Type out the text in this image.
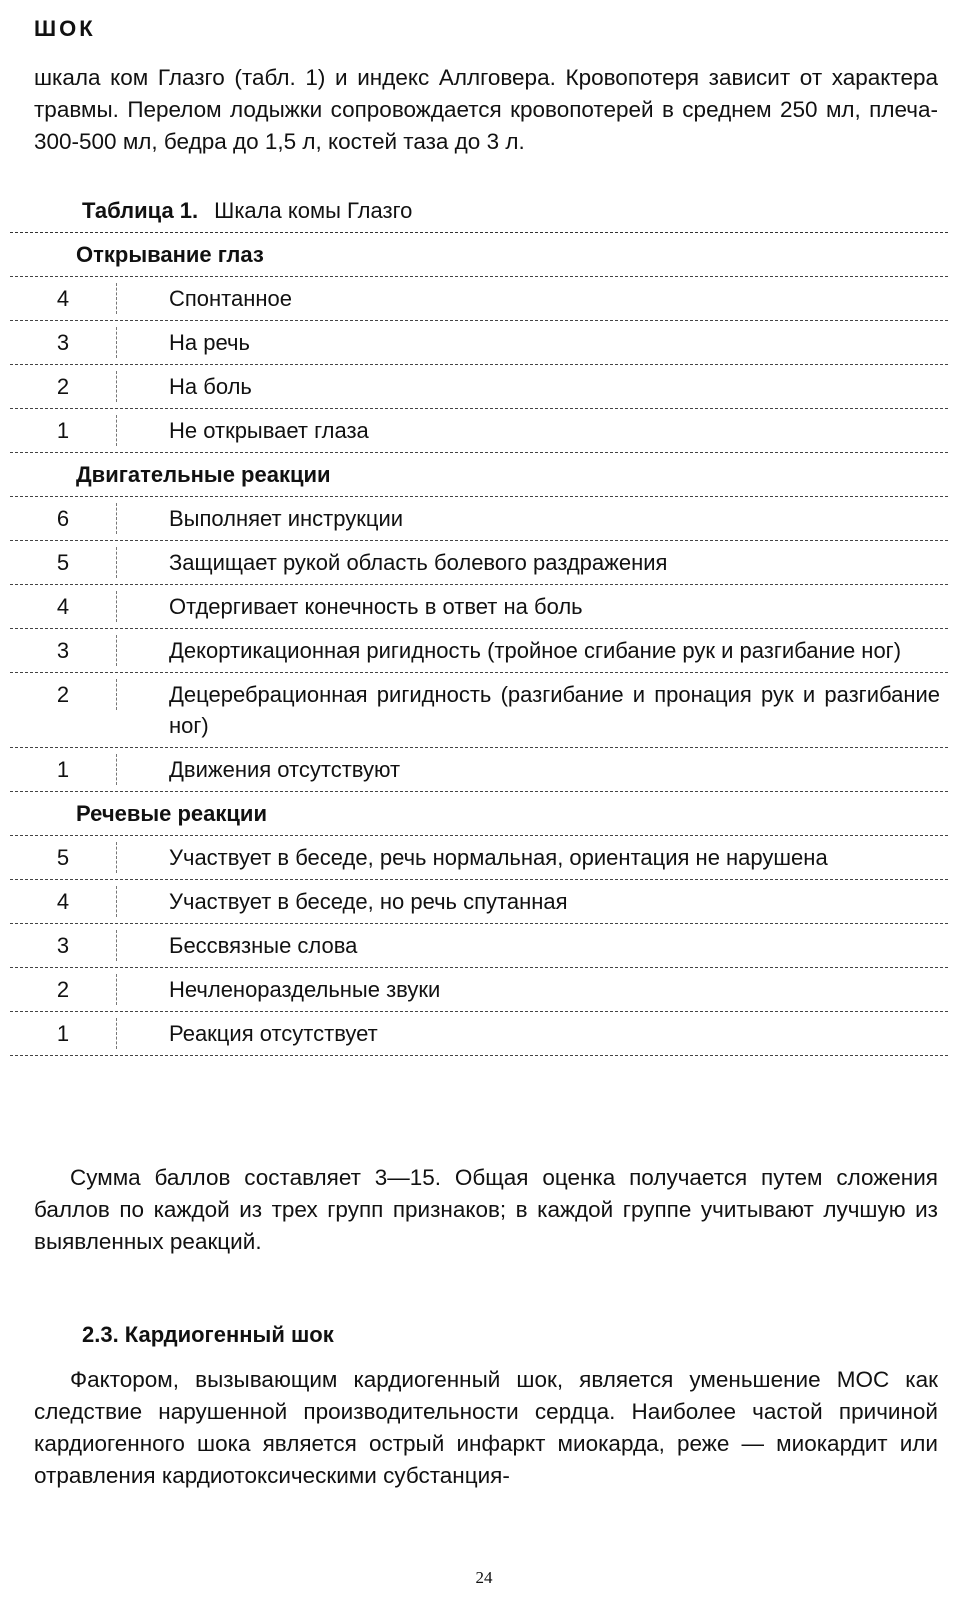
ШОК

шкала ком Глазго (табл. 1) и индекс Аллговера. Кровопотеря зависит от характера травмы. Перелом лодыжки сопровождается кровопотерей в среднем 250 мл, плеча- 300-500 мл, бедра до 1,5 л, костей таза до 3 л.

Таблица 1. Шкала комы Глазго
Открывание глаз
4	Спонтанное
3	На речь
2	На боль
1	Не открывает глаза
Двигательные реакции
6	Выполняет инструкции
5	Защищает рукой область болевого раздражения
4	Отдергивает конечность в ответ на боль
3	Декортикационная ригидность (тройное сгибание рук и разгибание ног)
2	Децеребрационная ригидность (разгибание и пронация рук и разгибание ног)
1	Движения отсутствуют
Речевые реакции
5	Участвует в беседе, речь нормальная, ориентация не нарушена
4	Участвует в беседе, но речь спутанная
3	Бессвязные слова
2	Нечленораздельные звуки
1	Реакция отсутствует

Сумма баллов составляет 3—15. Общая оценка получается путем сложения баллов по каждой из трех групп признаков; в каждой группе учитывают лучшую из выявленных реакций.

2.3. Кардиогенный шок

Фактором, вызывающим кардиогенный шок, является уменьшение МОС как следствие нарушенной производительности сердца. Наиболее частой причиной кардиогенного шока является острый инфаркт миокарда, реже — миокардит или отравления кардиотоксическими субстанция-

24
